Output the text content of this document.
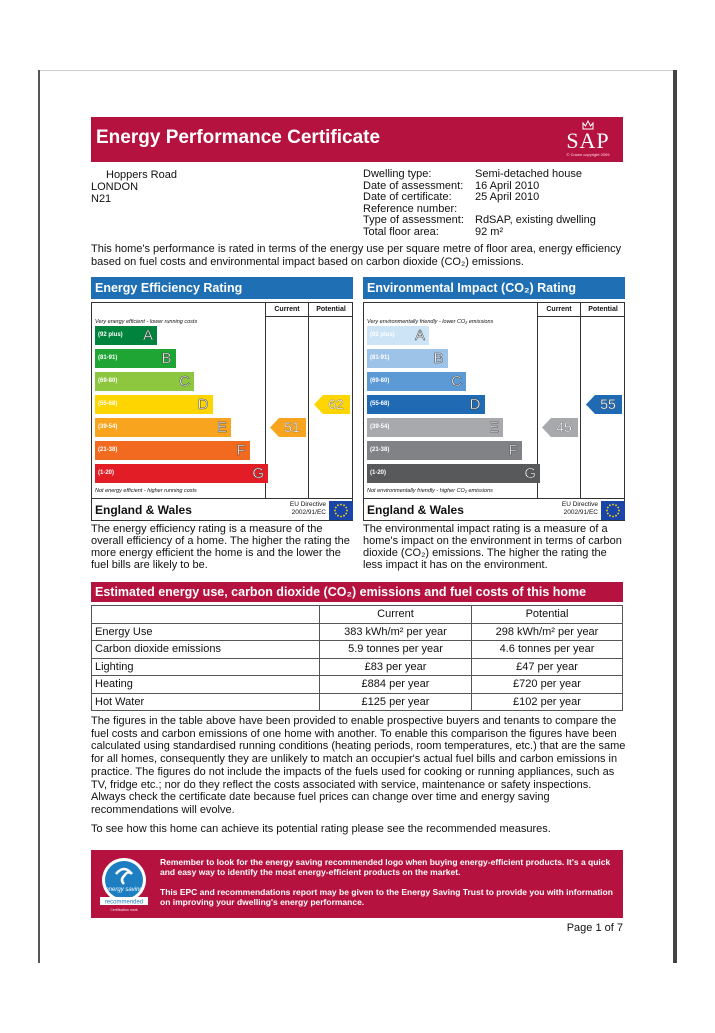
Energy Performance Certificate	SAP
© Crown copyright 2009
Hoppers Road
LONDON
N21
Dwelling type:	Semi-detached house
Date of assessment:	16 April 2010
Date of certificate:	25 April 2010
Reference number:
Type of assessment:	RdSAP, existing dwelling
Total floor area:	92 m²
This home's performance is rated in terms of the energy use per square metre of floor area, energy efficiency based on fuel costs and environmental impact based on carbon dioxide (CO₂) emissions.
Energy Efficiency Rating
Current	Potential
Very energy efficient - lower running costs
(92 plus) A
(81-91)	B
(69-80)	C
(55-68)	D
(39-54)	E
(21-38)	F
(1-20)	G
Not energy efficient - higher running costs
51
62
England & Wales	EU Directive
2002/91/EC
Environmental Impact (CO₂) Rating
Current	Potential
Very environmentally friendly - lower CO₂ emissions
(92 plus) A
(81-91)	B
(69-80)	C
(55-68)	D
(39-54)	E
(21-38)	F
(1-20)	G
Not environmentally friendly - higher CO₂ emissions
45
55
England & Wales	EU Directive
2002/91/EC
The energy efficiency rating is a measure of the overall efficiency of a home. The higher the rating the more energy efficient the home is and the lower the fuel bills are likely to be.
The environmental impact rating is a measure of a home's impact on the environment in terms of carbon dioxide (CO₂) emissions. The higher the rating the less impact it has on the environment.
Estimated energy use, carbon dioxide (CO₂) emissions and fuel costs of this home
	Current	Potential
Energy Use	383 kWh/m² per year	298 kWh/m² per year
Carbon dioxide emissions	5.9 tonnes per year	4.6 tonnes per year
Lighting	£83 per year	£47 per year
Heating	£884 per year	£720 per year
Hot Water	£125 per year	£102 per year
The figures in the table above have been provided to enable prospective buyers and tenants to compare the fuel costs and carbon emissions of one home with another. To enable this comparison the figures have been calculated using standardised running conditions (heating periods, room temperatures, etc.) that are the same for all homes, consequently they are unlikely to match an occupier's actual fuel bills and carbon emissions in practice. The figures do not include the impacts of the fuels used for cooking or running appliances, such as TV, fridge etc.; nor do they reflect the costs associated with service, maintenance or safety inspections. Always check the certificate date because fuel prices can change over time and energy saving recommendations will evolve.
To see how this home can achieve its potential rating please see the recommended measures.
energy saving
recommended
Certification mark
Remember to look for the energy saving recommended logo when buying energy-efficient products. It's a quick and easy way to identify the most energy-efficient products on the market.
This EPC and recommendations report may be given to the Energy Saving Trust to provide you with information on improving your dwelling's energy performance.
Page 1 of 7
